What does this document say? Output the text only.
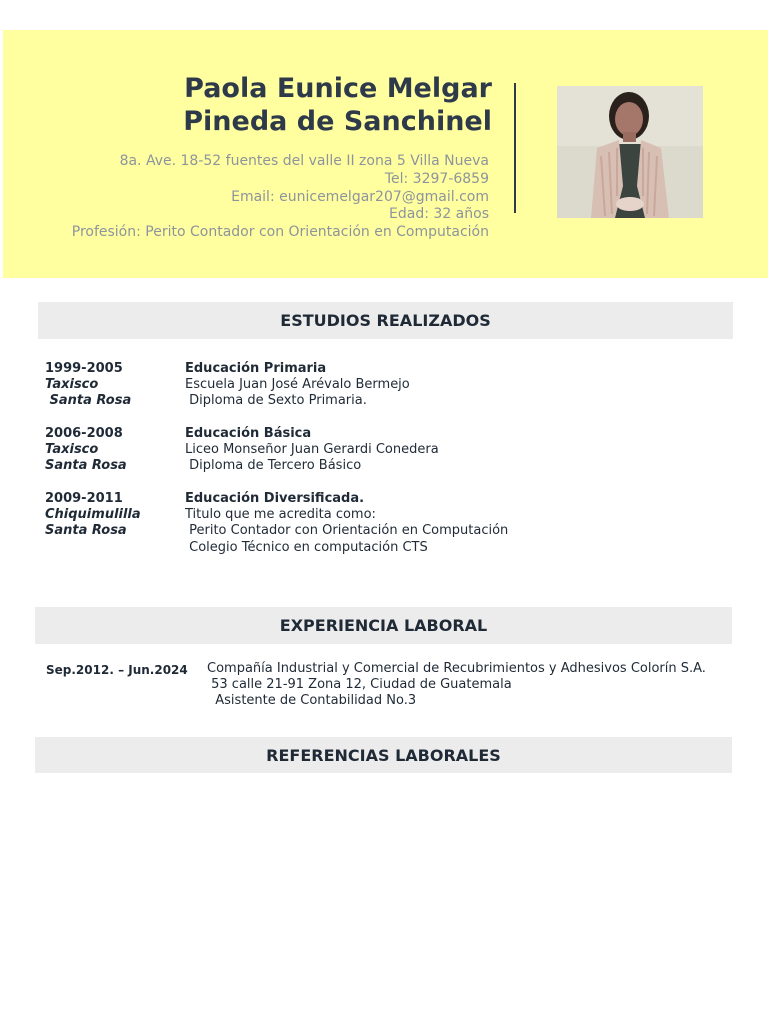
Paola Eunice Melgar
Pineda de Sanchinel
8a. Ave. 18-52 fuentes del valle II zona 5 Villa Nueva
Tel: 3297-6859
Email: eunicemelgar207@gmail.com
Edad: 32 años
Profesión: Perito Contador con Orientación en Computación
ESTUDIOS REALIZADOS
1999-2005
Taxisco
Santa Rosa
Educación Primaria
Escuela Juan José Arévalo Bermejo
Diploma de Sexto Primaria.
2006-2008
Taxisco
Santa Rosa
Educación Básica
Liceo Monseñor Juan Gerardi Conedera
Diploma de Tercero Básico
2009-2011
Chiquimulilla
Santa Rosa
Educación Diversificada.
Titulo que me acredita como:
Perito Contador con Orientación en Computación
Colegio Técnico en computación CTS
EXPERIENCIA LABORAL
Sep.2012. – Jun.2024 Compañía Industrial y Comercial de Recubrimientos y Adhesivos Colorín S.A.
53 calle 21-91 Zona 12, Ciudad de Guatemala
Asistente de Contabilidad No.3
REFERENCIAS LABORALES
